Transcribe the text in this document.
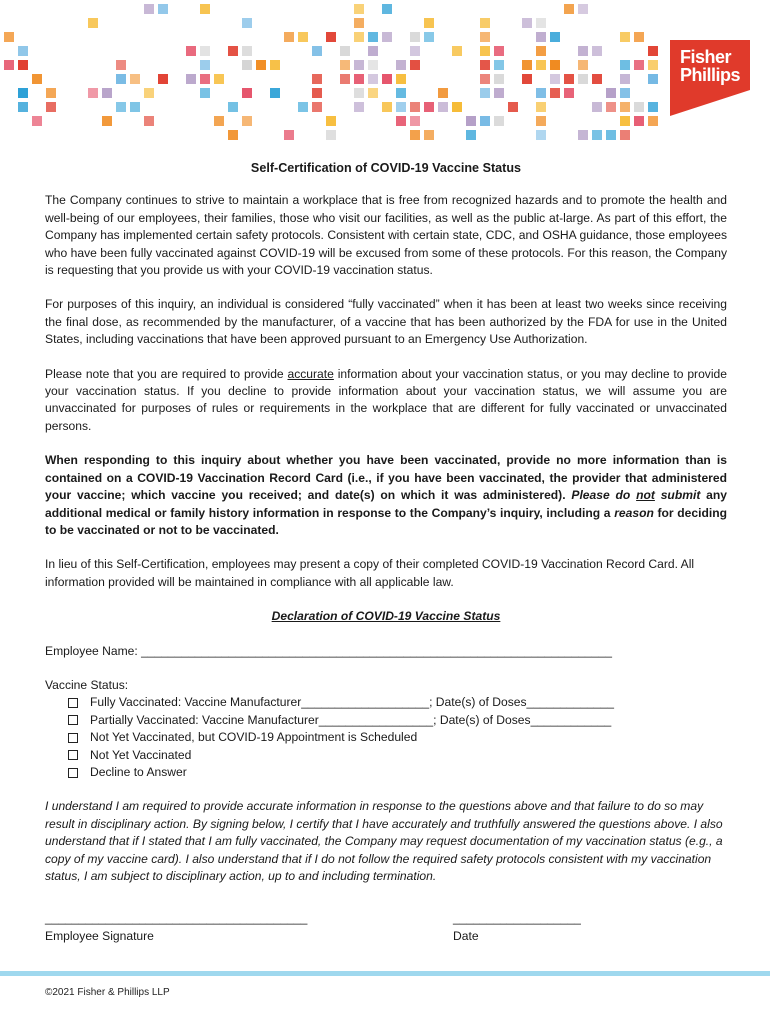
Fisher
Phillips
Self-Certification of COVID-19 Vaccine Status

The Company continues to strive to maintain a workplace that is free from recognized hazards and to promote the health and well-being of our employees, their families, those who visit our facilities, as well as the public at-large. As part of this effort, the Company has implemented certain safety protocols. Consistent with certain state, CDC, and OSHA guidance, those employees who have been fully vaccinated against COVID-19 will be excused from some of these protocols. For this reason, the Company is requesting that you provide us with your COVID-19 vaccination status.

For purposes of this inquiry, an individual is considered “fully vaccinated” when it has been at least two weeks since receiving the final dose, as recommended by the manufacturer, of a vaccine that has been authorized by the FDA for use in the United States, including vaccinations that have been approved pursuant to an Emergency Use Authorization.

Please note that you are required to provide accurate information about your vaccination status, or you may decline to provide your vaccination status. If you decline to provide information about your vaccination status, we will assume you are unvaccinated for purposes of rules or requirements in the workplace that are different for fully vaccinated or unvaccinated persons.

When responding to this inquiry about whether you have been vaccinated, provide no more information than is contained on a COVID-19 Vaccination Record Card (i.e., if you have been vaccinated, the provider that administered your vaccine; which vaccine you received; and date(s) on which it was administered). Please do not submit any additional medical or family history information in response to the Company’s inquiry, including a reason for deciding to be vaccinated or not to be vaccinated.

In lieu of this Self-Certification, employees may present a copy of their completed COVID-19 Vaccination Record Card. All information provided will be maintained in compliance with all applicable law.

Declaration of COVID-19 Vaccine Status
Employee Name: ______________________________________________________________________
Vaccine Status:
Fully Vaccinated: Vaccine Manufacturer___________________; Date(s) of Doses_____________
Partially Vaccinated: Vaccine Manufacturer_________________; Date(s) of Doses____________
Not Yet Vaccinated, but COVID-19 Appointment is Scheduled
Not Yet Vaccinated
Decline to Answer

I understand I am required to provide accurate information in response to the questions above and that failure to do so may result in disciplinary action. By signing below, I certify that I have accurately and truthfully answered the questions above. I also understand that if I stated that I am fully vaccinated, the Company may request documentation of my vaccination status (e.g., a copy of my vaccine card). I also understand that if I do not follow the required safety protocols consistent with my vaccination status, I am subject to disciplinary action, up to and including termination.

_______________________________________
Employee Signature
___________________
Date
©2021 Fisher & Phillips LLP
